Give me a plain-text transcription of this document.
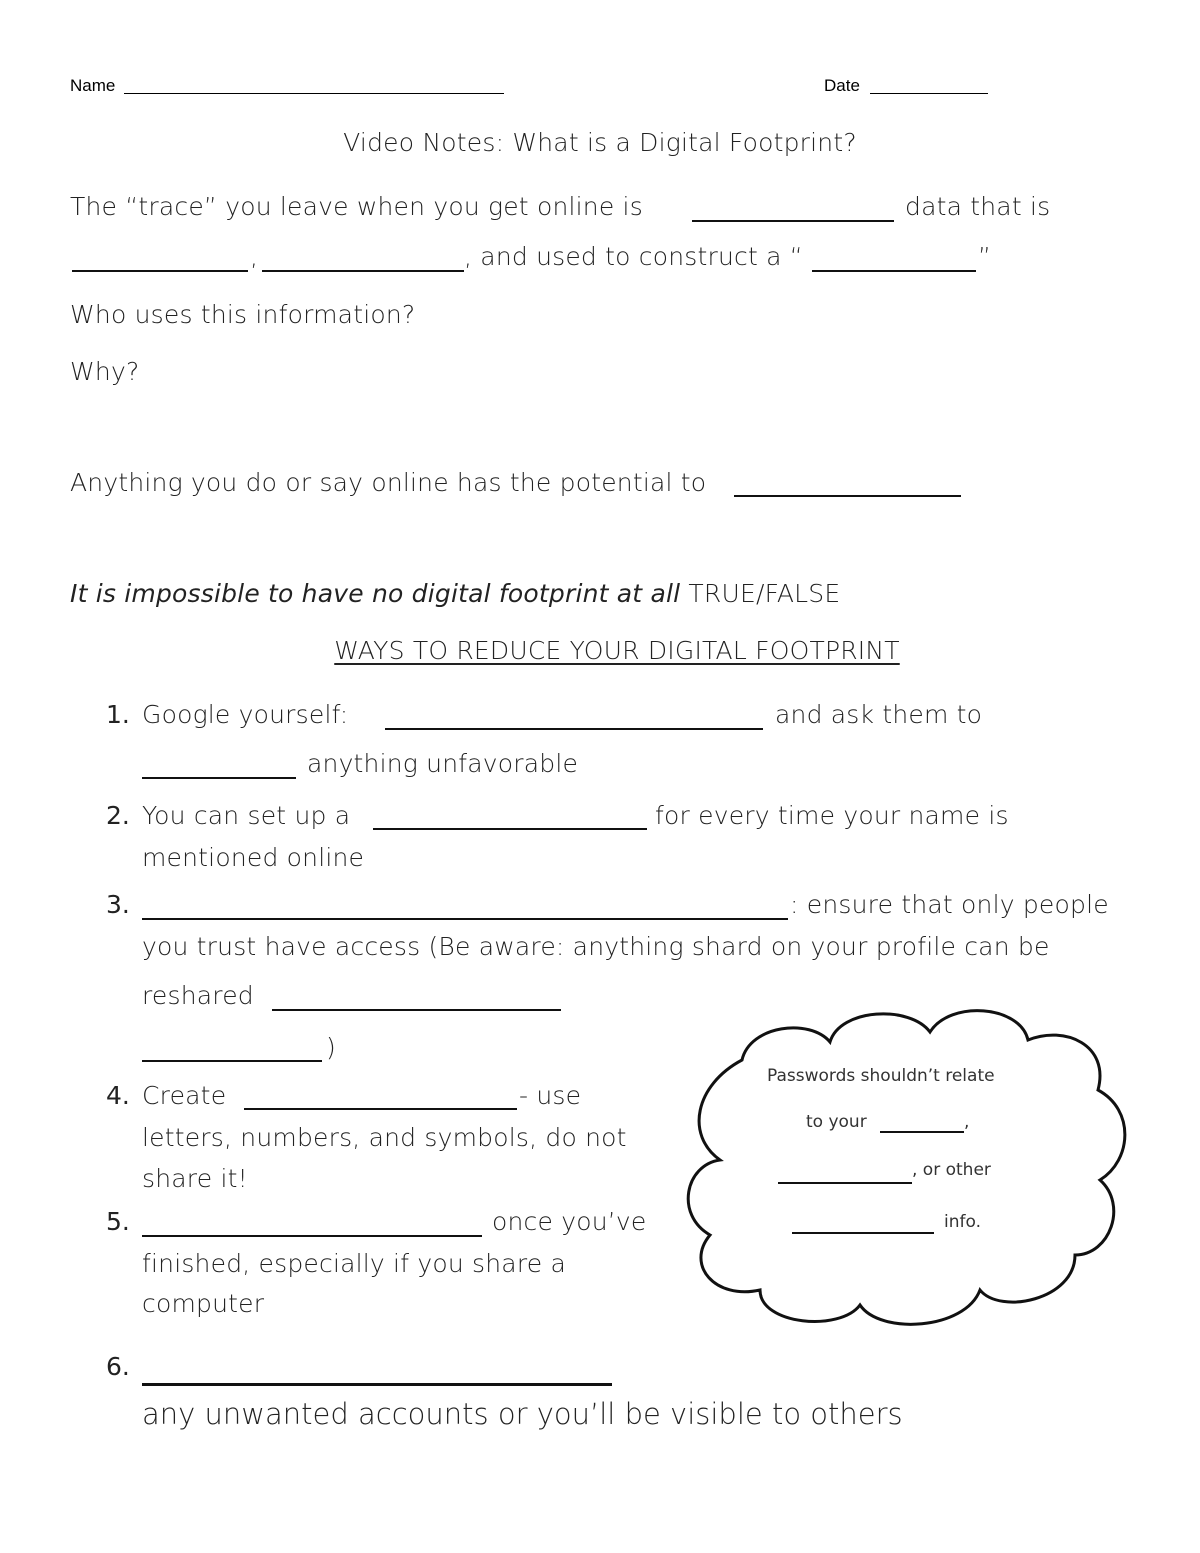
Name	Date
Video Notes: What is a Digital Footprint?
The “trace” you leave when you get online is	data that is
,	, and used to construct a “	”
Who uses this information?
Why?
Anything you do or say online has the potential to
It is impossible to have no digital footprint at all TRUE/FALSE
WAYS TO REDUCE YOUR DIGITAL FOOTPRINT
1. Google yourself:	and ask them to
anything unfavorable
2. You can set up a	for every time your name is
mentioned online
3.	: ensure that only people
you trust have access (Be aware: anything shard on your profile can be
reshared
)
4. Create	- use
letters, numbers, and symbols, do not
share it!
5.	once you’ve
finished, especially if you share a
computer
6.
any unwanted accounts or you’ll be visible to others
Passwords shouldn’t relate
to your	,
, or other
info.
